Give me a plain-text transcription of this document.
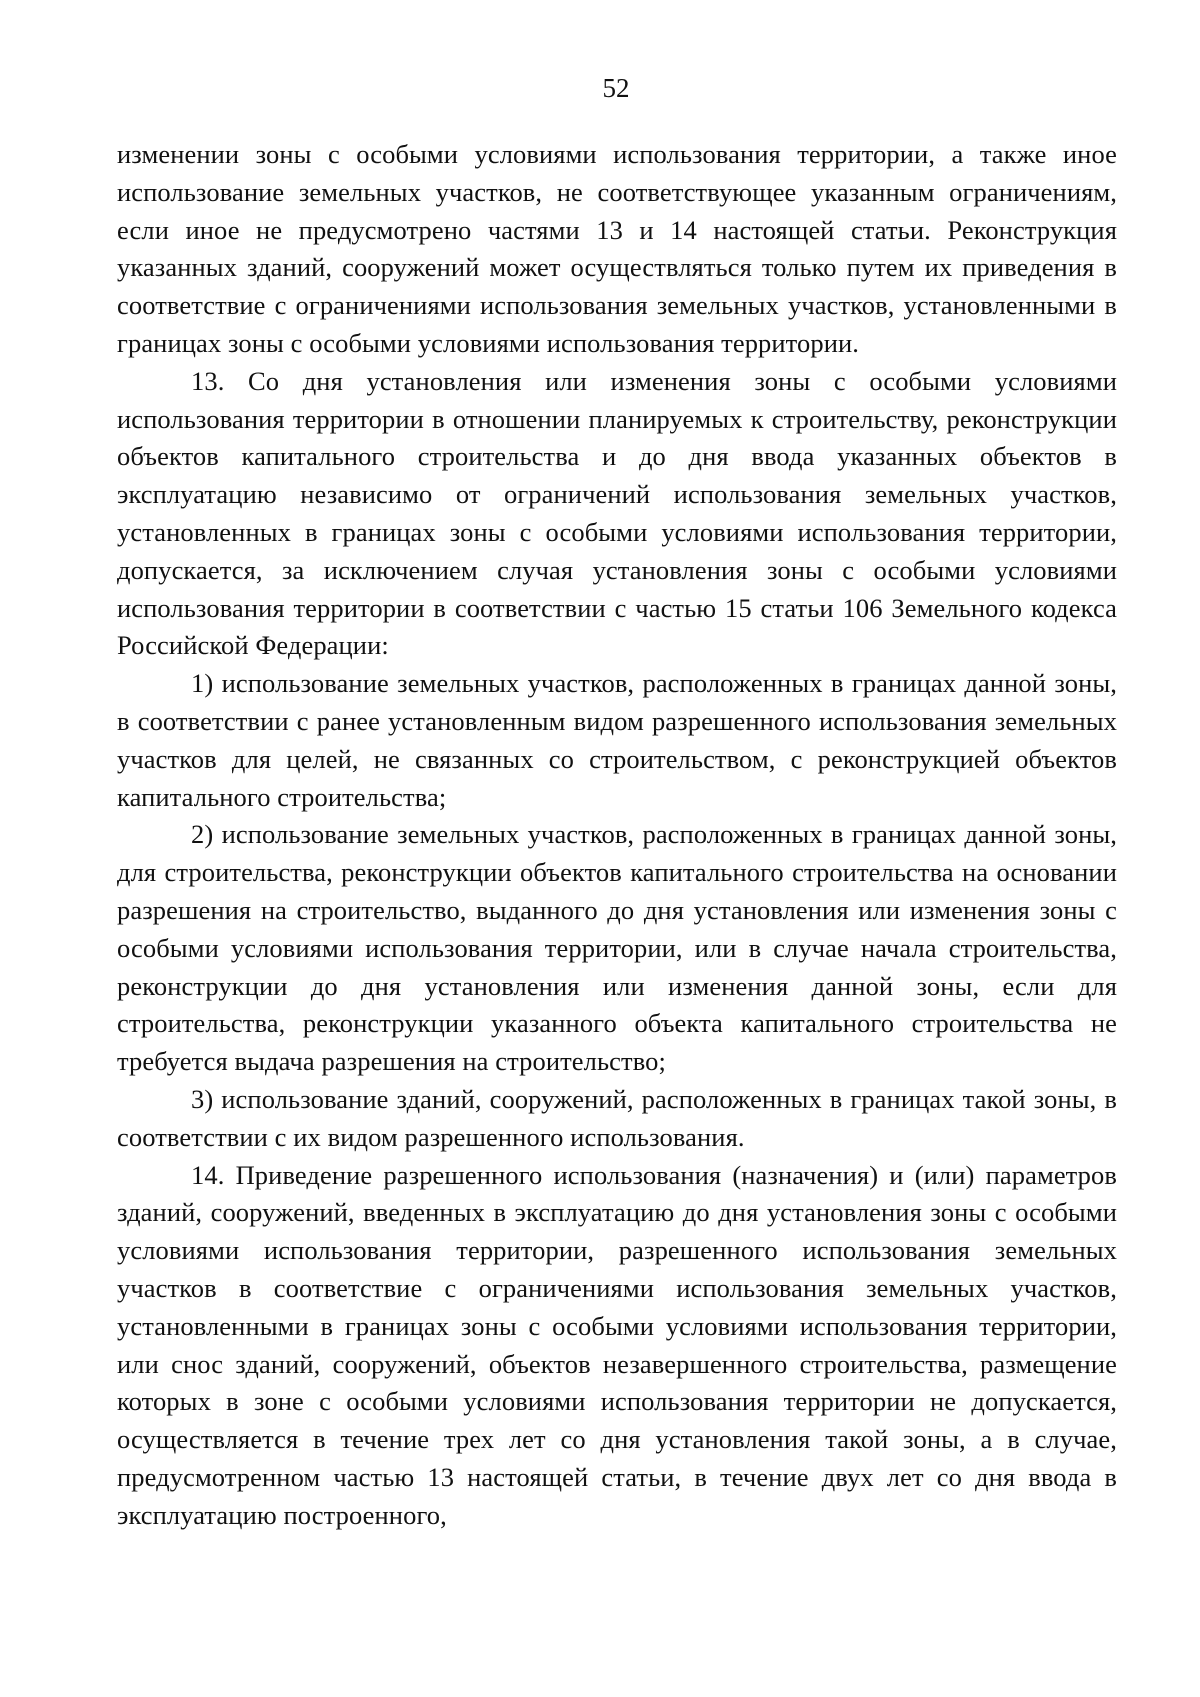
52

изменении зоны с особыми условиями использования территории, а также иное использование земельных участков, не соответствующее указанным ограничениям, если иное не предусмотрено частями 13 и 14 настоящей статьи. Реконструкция указанных зданий, сооружений может осуществляться только путем их приведения в соответствие с ограничениями использования земельных участков, установленными в границах зоны с особыми условиями использования территории.

13. Со дня установления или изменения зоны с особыми условиями использования территории в отношении планируемых к строительству, реконструкции объектов капитального строительства и до дня ввода указанных объектов в эксплуатацию независимо от ограничений использования земельных участков, установленных в границах зоны с особыми условиями использования территории, допускается, за исключением случая установления зоны с особыми условиями использования территории в соответствии с частью 15 статьи 106 Земельного кодекса Российской Федерации:

1) использование земельных участков, расположенных в границах данной зоны, в соответствии с ранее установленным видом разрешенного использования земельных участков для целей, не связанных со строительством, с реконструкцией объектов капитального строительства;

2) использование земельных участков, расположенных в границах данной зоны, для строительства, реконструкции объектов капитального строительства на основании разрешения на строительство, выданного до дня установления или изменения зоны с особыми условиями использования территории, или в случае начала строительства, реконструкции до дня установления или изменения данной зоны, если для строительства, реконструкции указанного объекта капитального строительства не требуется выдача разрешения на строительство;

3) использование зданий, сооружений, расположенных в границах такой зоны, в соответствии с их видом разрешенного использования.

14. Приведение разрешенного использования (назначения) и (или) параметров зданий, сооружений, введенных в эксплуатацию до дня установления зоны с особыми условиями использования территории, разрешенного использования земельных участков в соответствие с ограничениями использования земельных участков, установленными в границах зоны с особыми условиями использования территории, или снос зданий, сооружений, объектов незавершенного строительства, размещение которых в зоне с особыми условиями использования территории не допускается, осуществляется в течение трех лет со дня установления такой зоны, а в случае, предусмотренном частью 13 настоящей статьи, в течение двух лет со дня ввода в эксплуатацию построенного,
